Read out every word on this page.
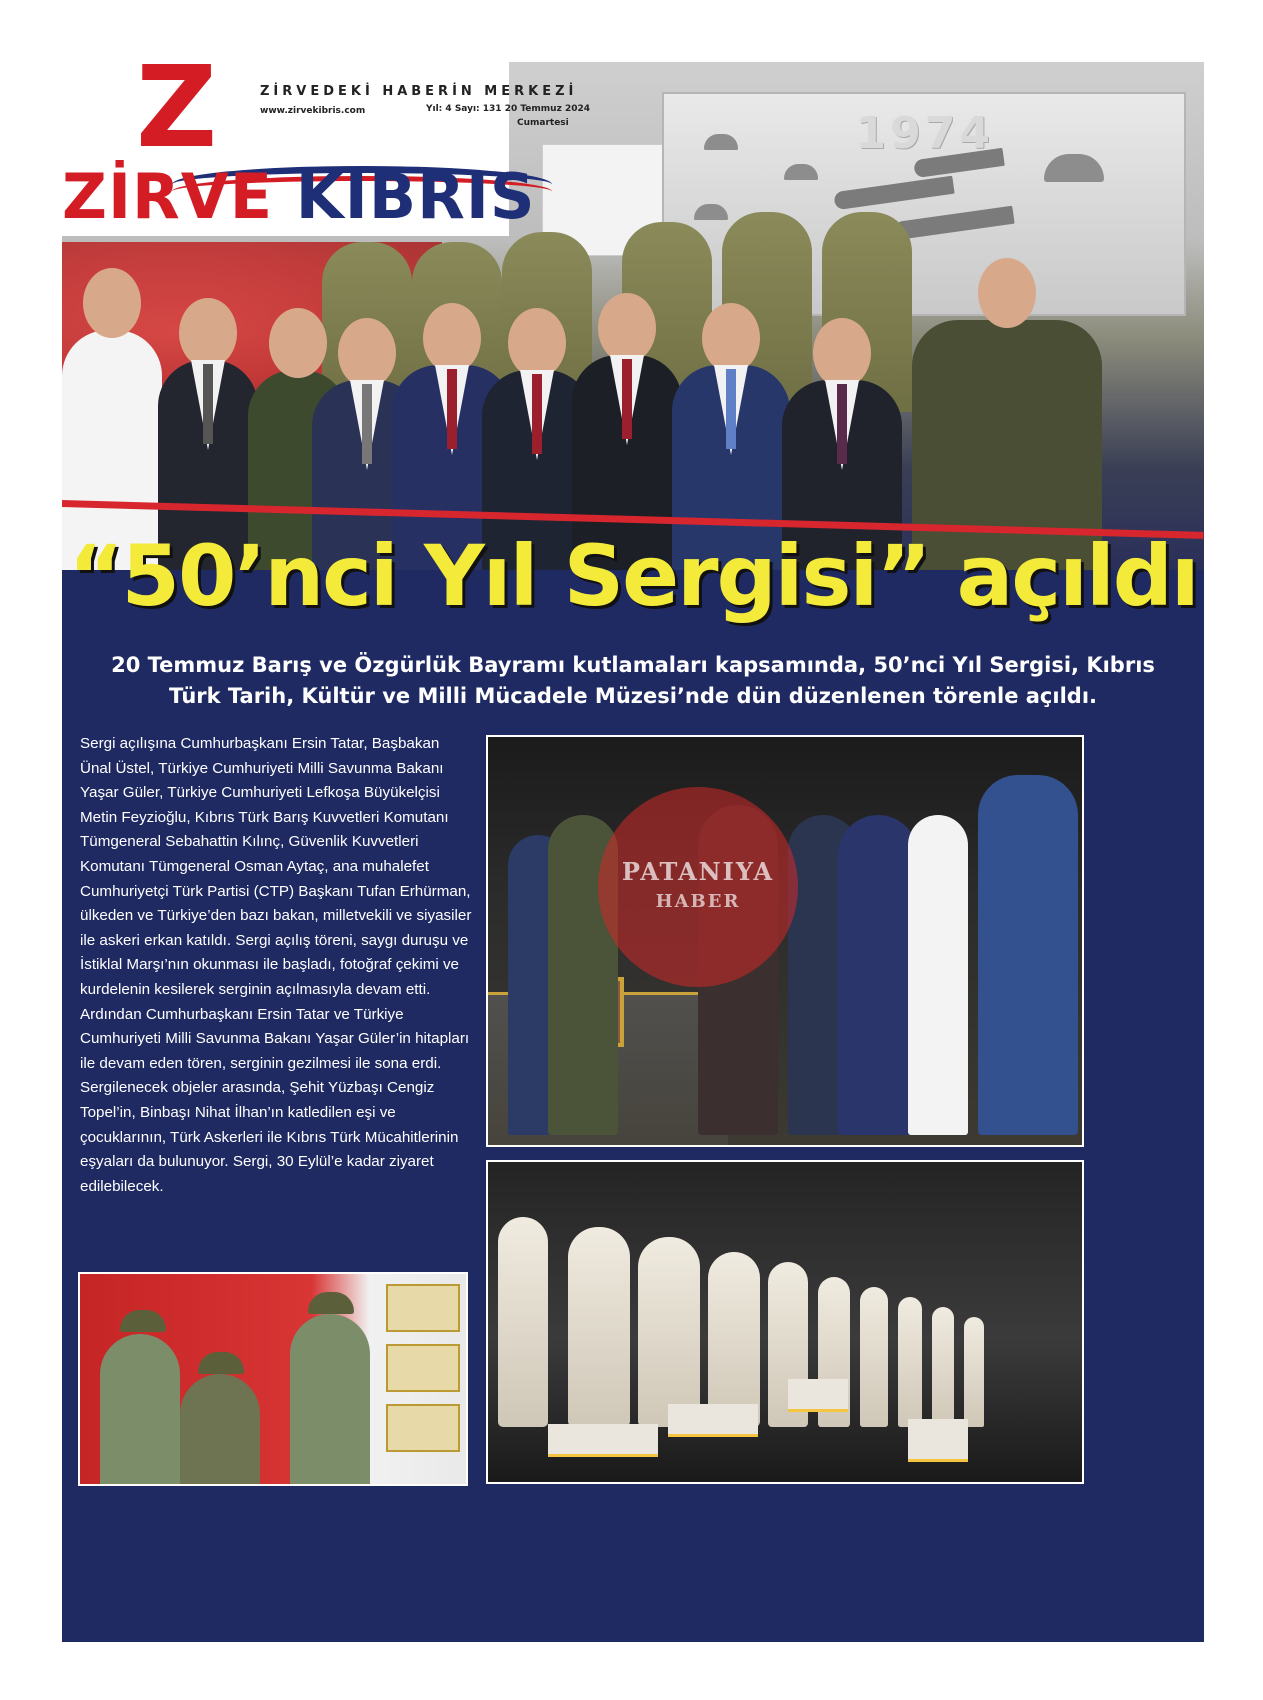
1974
PATANIYA
HABER
Z	ZİRVEDEKİ HABERİN MERKEZİ
www.zirvekibris.com	Yıl: 4 Sayı: 131 20 Temmuz 2024
Cumartesi
ZİRVE KIBRIS
“50’nci Yıl Sergisi” açıldı
20 Temmuz Barış ve Özgürlük Bayramı kutlamaları kapsamında, 50’nci Yıl Sergisi, Kıbrıs Türk Tarih, Kültür ve Milli Mücadele Müzesi’nde dün düzenlenen törenle açıldı.
Sergi açılışına Cumhurbaşkanı Ersin Tatar, Başbakan Ünal Üstel, Türkiye Cumhuriyeti Milli Savunma Bakanı Yaşar Güler, Türkiye Cumhuriyeti Lefkoşa Büyükelçisi Metin Feyzioğlu, Kıbrıs Türk Barış Kuvvetleri Komutanı Tümgeneral Sebahattin Kılınç, Güvenlik Kuvvetleri Komutanı Tümgeneral Osman Aytaç, ana muhalefet Cumhuriyetçi Türk Partisi (CTP) Başkanı Tufan Erhürman, ülkeden ve Türkiye’den bazı bakan, milletvekili ve siyasiler ile askeri erkan katıldı. Sergi açılış töreni, saygı duruşu ve İstiklal Marşı’nın okunması ile başladı, fotoğraf çekimi ve kurdelenin kesilerek serginin açılmasıyla devam etti. Ardından Cumhurbaşkanı Ersin Tatar ve Türkiye Cumhuriyeti Milli Savunma Bakanı Yaşar Güler’in hitapları ile devam eden tören, serginin gezilmesi ile sona erdi. Sergilenecek objeler arasında, Şehit Yüzbaşı Cengiz Topel’in, Binbaşı Nihat İlhan’ın katledilen eşi ve çocuklarının, Türk Askerleri ile Kıbrıs Türk Mücahitlerinin eşyaları da bulunuyor. Sergi, 30 Eylül’e kadar ziyaret edilebilecek.
